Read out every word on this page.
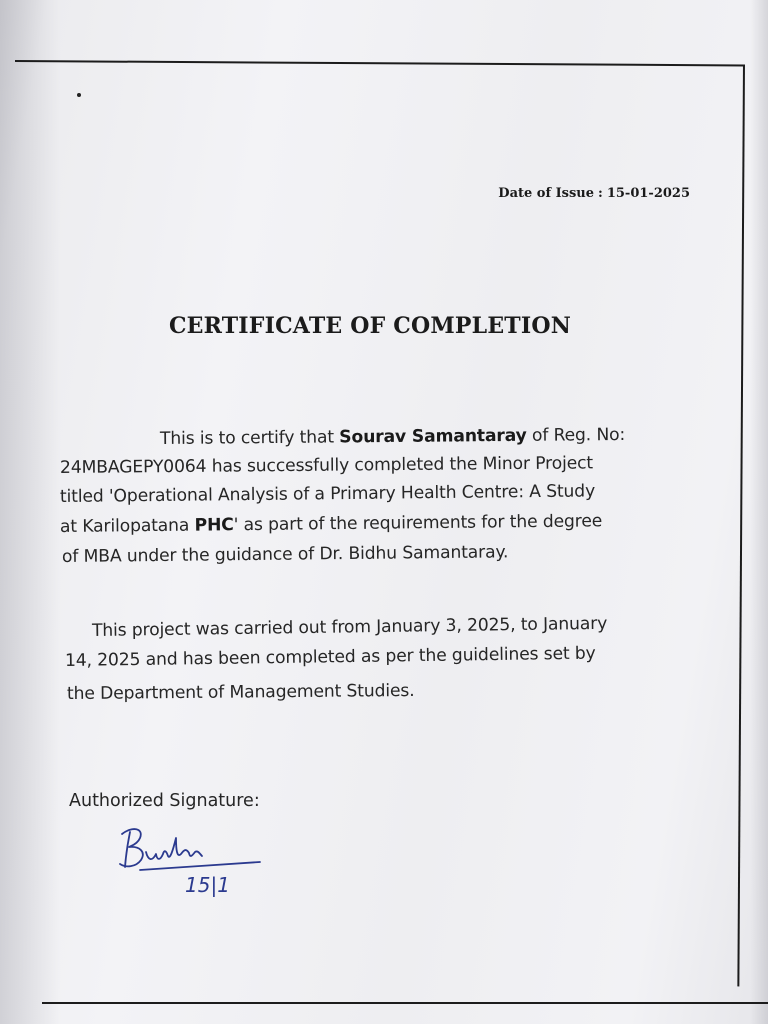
Date of Issue : 15-01-2025
CERTIFICATE OF COMPLETION
This is to certify that Sourav Samantaray of Reg. No:
24MBAGEPY0064 has successfully completed the Minor Project
titled 'Operational Analysis of a Primary Health Centre: A Study
at Karilopatana PHC' as part of the requirements for the degree
of MBA under the guidance of Dr. Bidhu Samantaray.
This project was carried out from January 3, 2025, to January
14, 2025 and has been completed as per the guidelines set by
the Department of Management Studies.
Authorized Signature:
15|1
